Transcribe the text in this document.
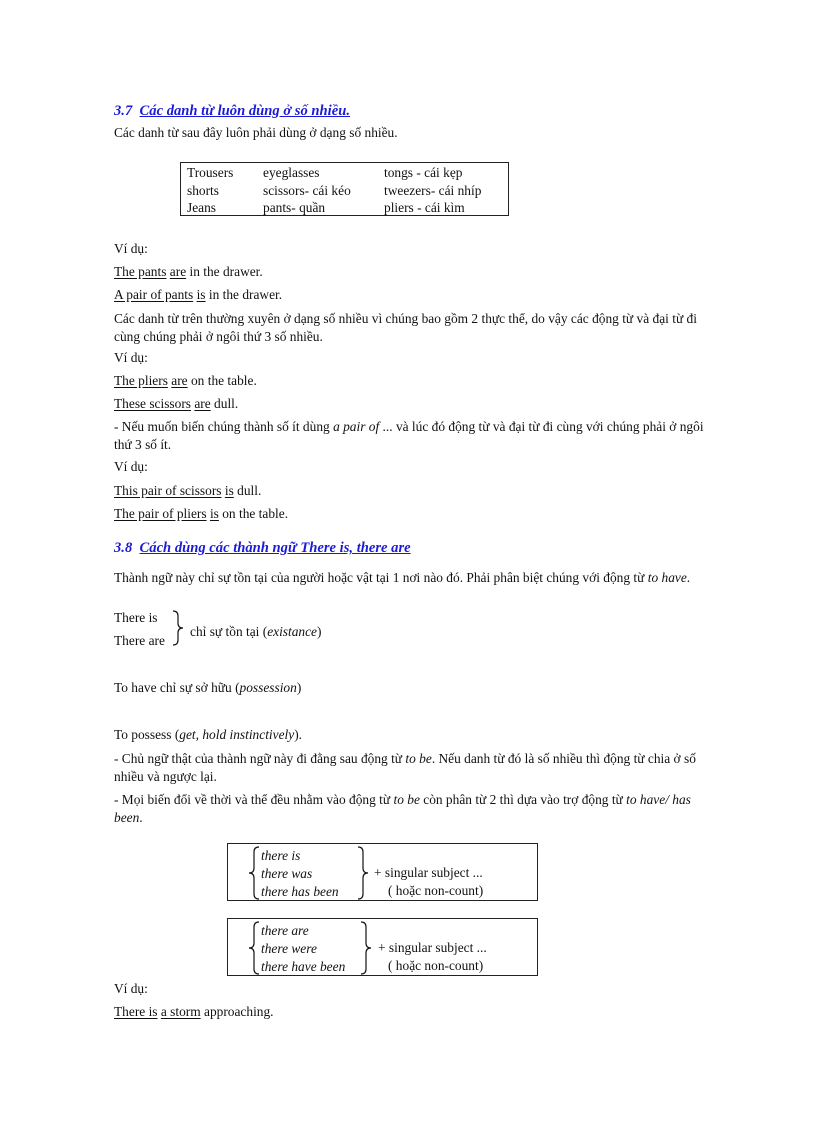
3.7 Các danh từ luôn dùng ở số nhiều.
Các danh từ sau đây luôn phải dùng ở dạng số nhiều.
Trousers	eyeglasses	tongs - cái kẹp
shorts	scissors- cái kéo	tweezers- cái nhíp
Jeans	pants- quần	pliers - cái kìm
Ví dụ:
The pants are in the drawer.
A pair of pants is in the drawer.
Các danh từ trên thường xuyên ở dạng số nhiều vì chúng bao gồm 2 thực thể, do vậy các động từ và đại từ đi cùng chúng phải ở ngôi thứ 3 số nhiều.
Ví dụ:
The pliers are on the table.
These scissors are dull.
- Nếu muốn biến chúng thành số ít dùng a pair of ... và lúc đó động từ và đại từ đi cùng với chúng phải ở ngôi thứ 3 số ít.
Ví dụ:
This pair of scissors is dull.
The pair of pliers is on the table.
3.8 Cách dùng các thành ngữ There is, there are
Thành ngữ này chỉ sự tồn tại của người hoặc vật tại 1 nơi nào đó. Phải phân biệt chúng với động từ to have.
There is
There are
chỉ sự tồn tại (existance)
To have chỉ sự sở hữu (possession)
To possess (get, hold instinctively).
- Chủ ngữ thật của thành ngữ này đi đằng sau động từ to be. Nếu danh từ đó là số nhiều thì động từ chia ở số nhiều và ngược lại.
- Mọi biến đổi về thời và thể đều nhằm vào động từ to be còn phân từ 2 thì dựa vào trợ động từ to have/ has been.
there is
there was
there has been
+ singular subject ...
( hoặc non-count)
there are
there were
there have been
+ singular subject ...
( hoặc non-count)
Ví dụ:
There is a storm approaching.
